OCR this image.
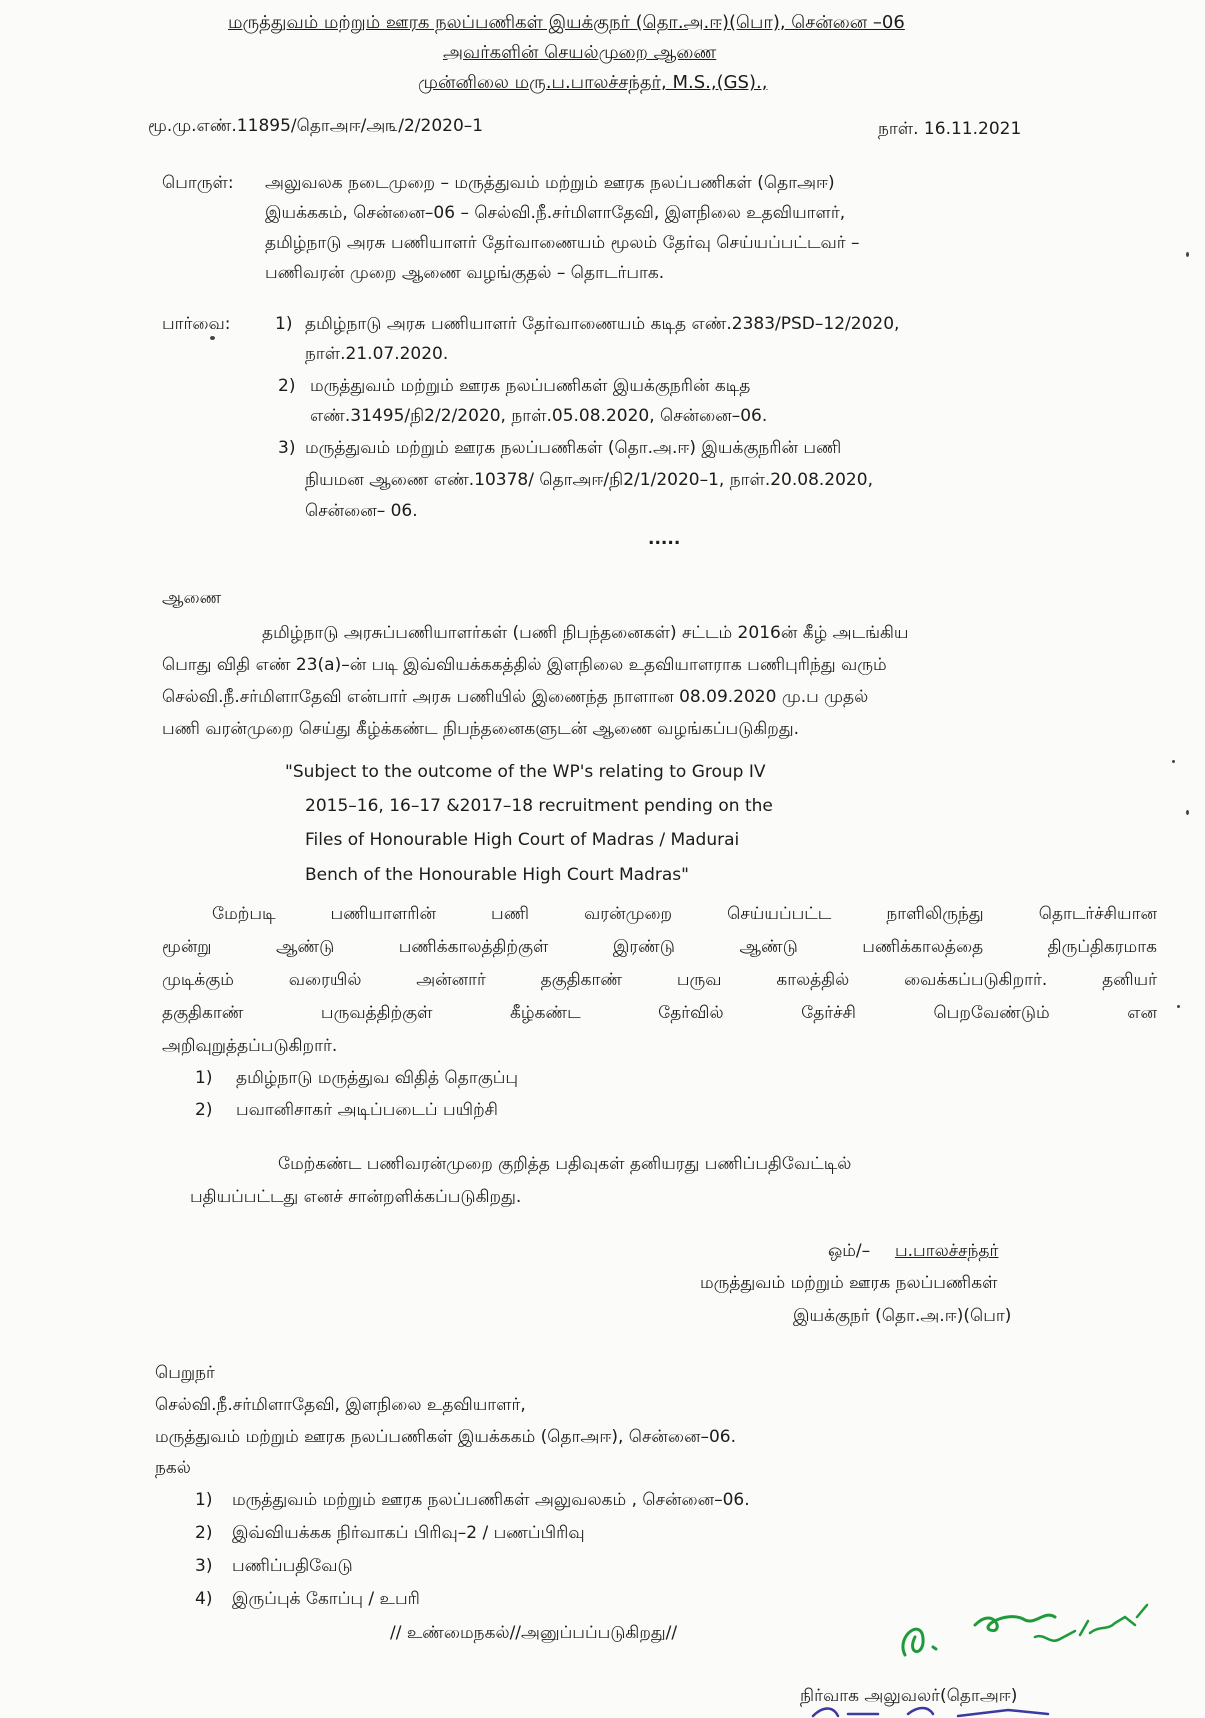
மருத்துவம் மற்றும் ஊரக நலப்பணிகள் இயக்குநர் (தொ.அ.ஈ)(பொ), சென்னை –06
அவர்களின் செயல்முறை ஆணை
முன்னிலை மரு.ப.பாலச்சந்தர், M.S.,(GS).,
மூ.மு.எண்.11895/தொஅஈ/அ௩/2/2020–1	நாள். 16.11.2021
பொருள்: அலுவலக நடைமுறை – மருத்துவம் மற்றும் ஊரக நலப்பணிகள் (தொஅஈ)
இயக்ககம், சென்னை–06 – செல்வி.நீ.சர்மிளாதேவி, இளநிலை உதவியாளர்,
தமிழ்நாடு அரசு பணியாளர் தேர்வாணையம் மூலம் தேர்வு செய்யப்பட்டவர் –
பணிவரன் முறை ஆணை வழங்குதல் – தொடர்பாக.
பார்வை:	1) தமிழ்நாடு அரசு பணியாளர் தேர்வாணையம் கடித எண்.2383/PSD–12/2020,
நாள்.21.07.2020.
2) மருத்துவம் மற்றும் ஊரக நலப்பணிகள் இயக்குநரின் கடித
எண்.31495/நி2/2/2020, நாள்.05.08.2020, சென்னை–06.
3) மருத்துவம் மற்றும் ஊரக நலப்பணிகள் (தொ.அ.ஈ) இயக்குநரின் பணி
நியமன ஆணை எண்.10378/ தொஅஈ/நி2/1/2020–1, நாள்.20.08.2020,
சென்னை– 06.
.....
ஆணை
தமிழ்நாடு அரசுப்பணியாளர்கள் (பணி நிபந்தனைகள்) சட்டம் 2016ன் கீழ் அடங்கிய
பொது விதி எண் 23(a)–ன் படி இவ்வியக்ககத்தில் இளநிலை உதவியாளராக பணிபுரிந்து வரும்
செல்வி.நீ.சர்மிளாதேவி என்பார் அரசு பணியில் இணைந்த நாளான 08.09.2020 மு.ப முதல்
பணி வரன்முறை செய்து கீழ்க்கண்ட நிபந்தனைகளுடன் ஆணை வழங்கப்படுகிறது.
"Subject to the outcome of the WP's relating to Group IV
2015–16, 16–17 &2017–18 recruitment pending on the
Files of Honourable High Court of Madras / Madurai
Bench of the Honourable High Court Madras"
மேற்படி பணியாளரின் பணி வரன்முறை செய்யப்பட்ட நாளிலிருந்து தொடர்ச்சியான
மூன்று ஆண்டு பணிக்காலத்திற்குள் இரண்டு ஆண்டு பணிக்காலத்தை திருப்திகரமாக
முடிக்கும் வரையில் அன்னார் தகுதிகாண் பருவ காலத்தில் வைக்கப்படுகிறார். தனியர்
தகுதிகாண் பருவத்திற்குள் கீழ்கண்ட தேர்வில் தேர்ச்சி பெறவேண்டும் என
அறிவுறுத்தப்படுகிறார்.
1) தமிழ்நாடு மருத்துவ விதித் தொகுப்பு
2) பவானிசாகர் அடிப்படைப் பயிற்சி
மேற்கண்ட பணிவரன்முறை குறித்த பதிவுகள் தனியரது பணிப்பதிவேட்டில்
பதியப்பட்டது எனச் சான்றளிக்கப்படுகிறது.
ஒம்/– ப.பாலச்சந்தர்
மருத்துவம் மற்றும் ஊரக நலப்பணிகள்
இயக்குநர் (தொ.அ.ஈ)(பொ)
பெறுநர்
செல்வி.நீ.சர்மிளாதேவி, இளநிலை உதவியாளர்,
மருத்துவம் மற்றும் ஊரக நலப்பணிகள் இயக்ககம் (தொஅஈ), சென்னை–06.
நகல்
1) மருத்துவம் மற்றும் ஊரக நலப்பணிகள் அலுவலகம் , சென்னை–06.
2) இவ்வியக்கக நிர்வாகப் பிரிவு–2 / பணப்பிரிவு
3) பணிப்பதிவேடு
4) இருப்புக் கோப்பு / உபரி
// உண்மைநகல்//அனுப்பப்படுகிறது//
நிர்வாக அலுவலர்(தொஅஈ)
